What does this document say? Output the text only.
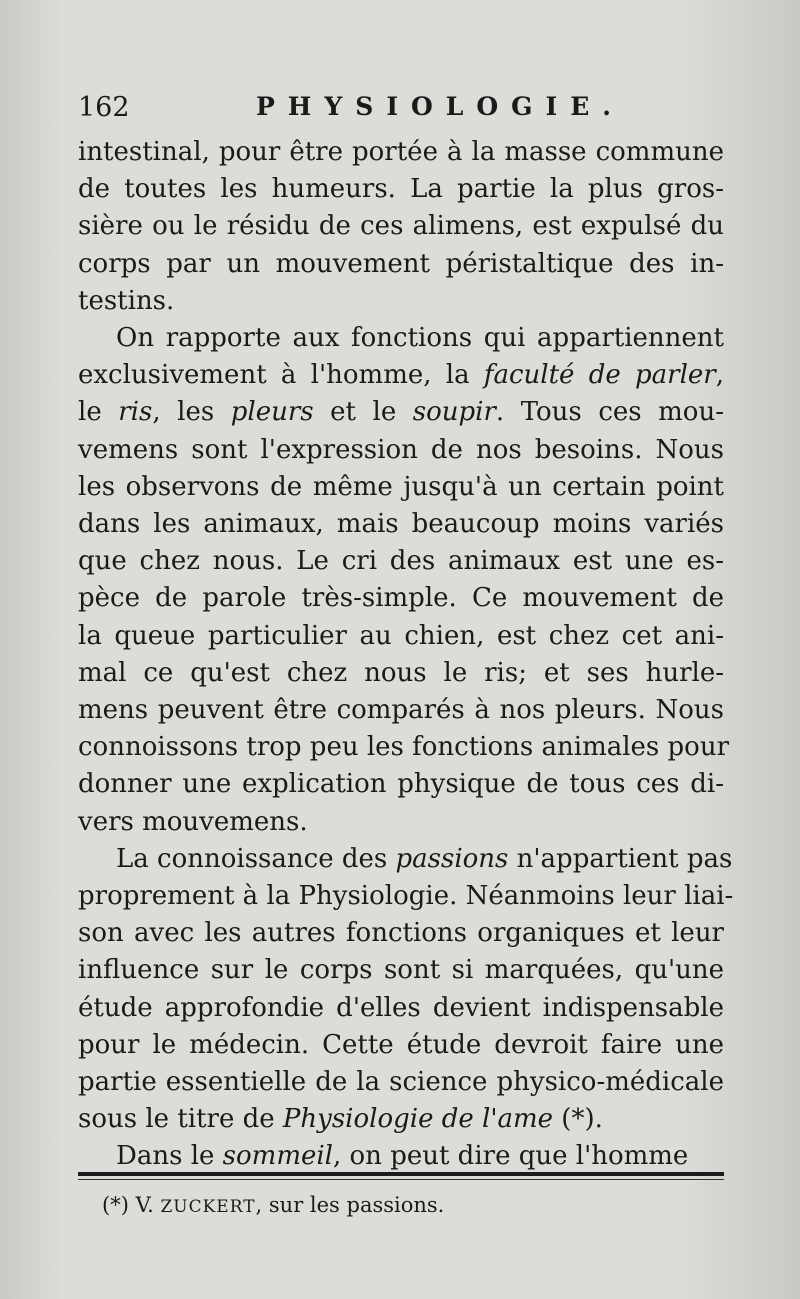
162	PHYSIOLOGIE.

intestinal, pour être portée à la masse commune
de toutes les humeurs. La partie la plus gros-
sière ou le résidu de ces alimens, est expulsé du
corps par un mouvement péristaltique des in-
testins.

On rapporte aux fonctions qui appartiennent
exclusivement à l'homme, la faculté de parler,
le ris, les pleurs et le soupir. Tous ces mou-
vemens sont l'expression de nos besoins. Nous
les observons de même jusqu'à un certain point
dans les animaux, mais beaucoup moins variés
que chez nous. Le cri des animaux est une es-
pèce de parole très-simple. Ce mouvement de
la queue particulier au chien, est chez cet ani-
mal ce qu'est chez nous le ris; et ses hurle-
mens peuvent être comparés à nos pleurs. Nous
connoissons trop peu les fonctions animales pour
donner une explication physique de tous ces di-
vers mouvemens.

La connoissance des passions n'appartient pas
proprement à la Physiologie. Néanmoins leur liai-
son avec les autres fonctions organiques et leur
influence sur le corps sont si marquées, qu'une
étude approfondie d'elles devient indispensable
pour le médecin. Cette étude devroit faire une
partie essentielle de la science physico-médicale
sous le titre de Physiologie de l'ame (*).

Dans le sommeil, on peut dire que l'homme

(*) V. ZUCKERT, sur les passions.
